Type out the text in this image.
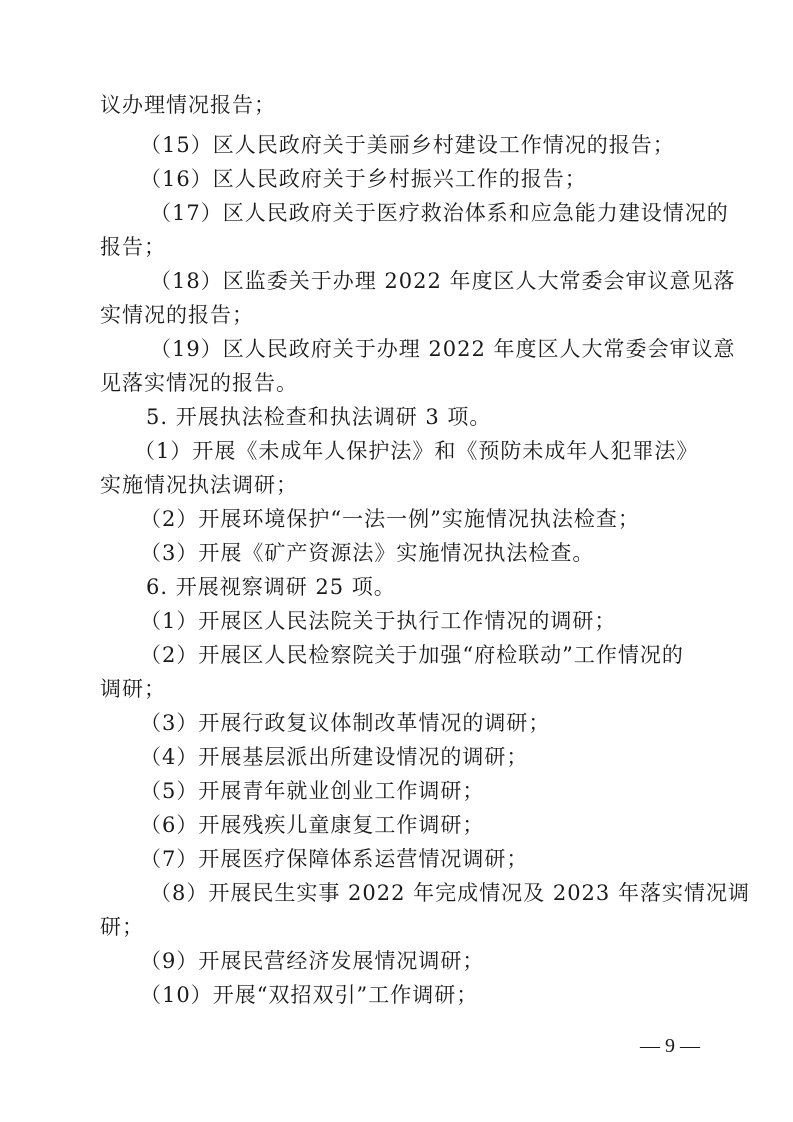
议办理情况报告；
（15）区人民政府关于美丽乡村建设工作情况的报告；
（16）区人民政府关于乡村振兴工作的报告；
（17）区人民政府关于医疗救治体系和应急能力建设情况的
报告；
（18）区监委关于办理 2022 年度区人大常委会审议意见落
实情况的报告；
（19）区人民政府关于办理 2022 年度区人大常委会审议意
见落实情况的报告。
5. 开展执法检查和执法调研 3 项。
（1）开展《未成年人保护法》和《预防未成年人犯罪法》
实施情况执法调研；
（2）开展环境保护“一法一例”实施情况执法检查；
（3）开展《矿产资源法》实施情况执法检查。
6. 开展视察调研 25 项。
（1）开展区人民法院关于执行工作情况的调研；
（2）开展区人民检察院关于加强“府检联动”工作情况的
调研；
（3）开展行政复议体制改革情况的调研；
（4）开展基层派出所建设情况的调研；
（5）开展青年就业创业工作调研；
（6）开展残疾儿童康复工作调研；
（7）开展医疗保障体系运营情况调研；
（8）开展民生实事 2022 年完成情况及 2023 年落实情况调
研；
（9）开展民营经济发展情况调研；
（10）开展“双招双引”工作调研；
— 9 —
